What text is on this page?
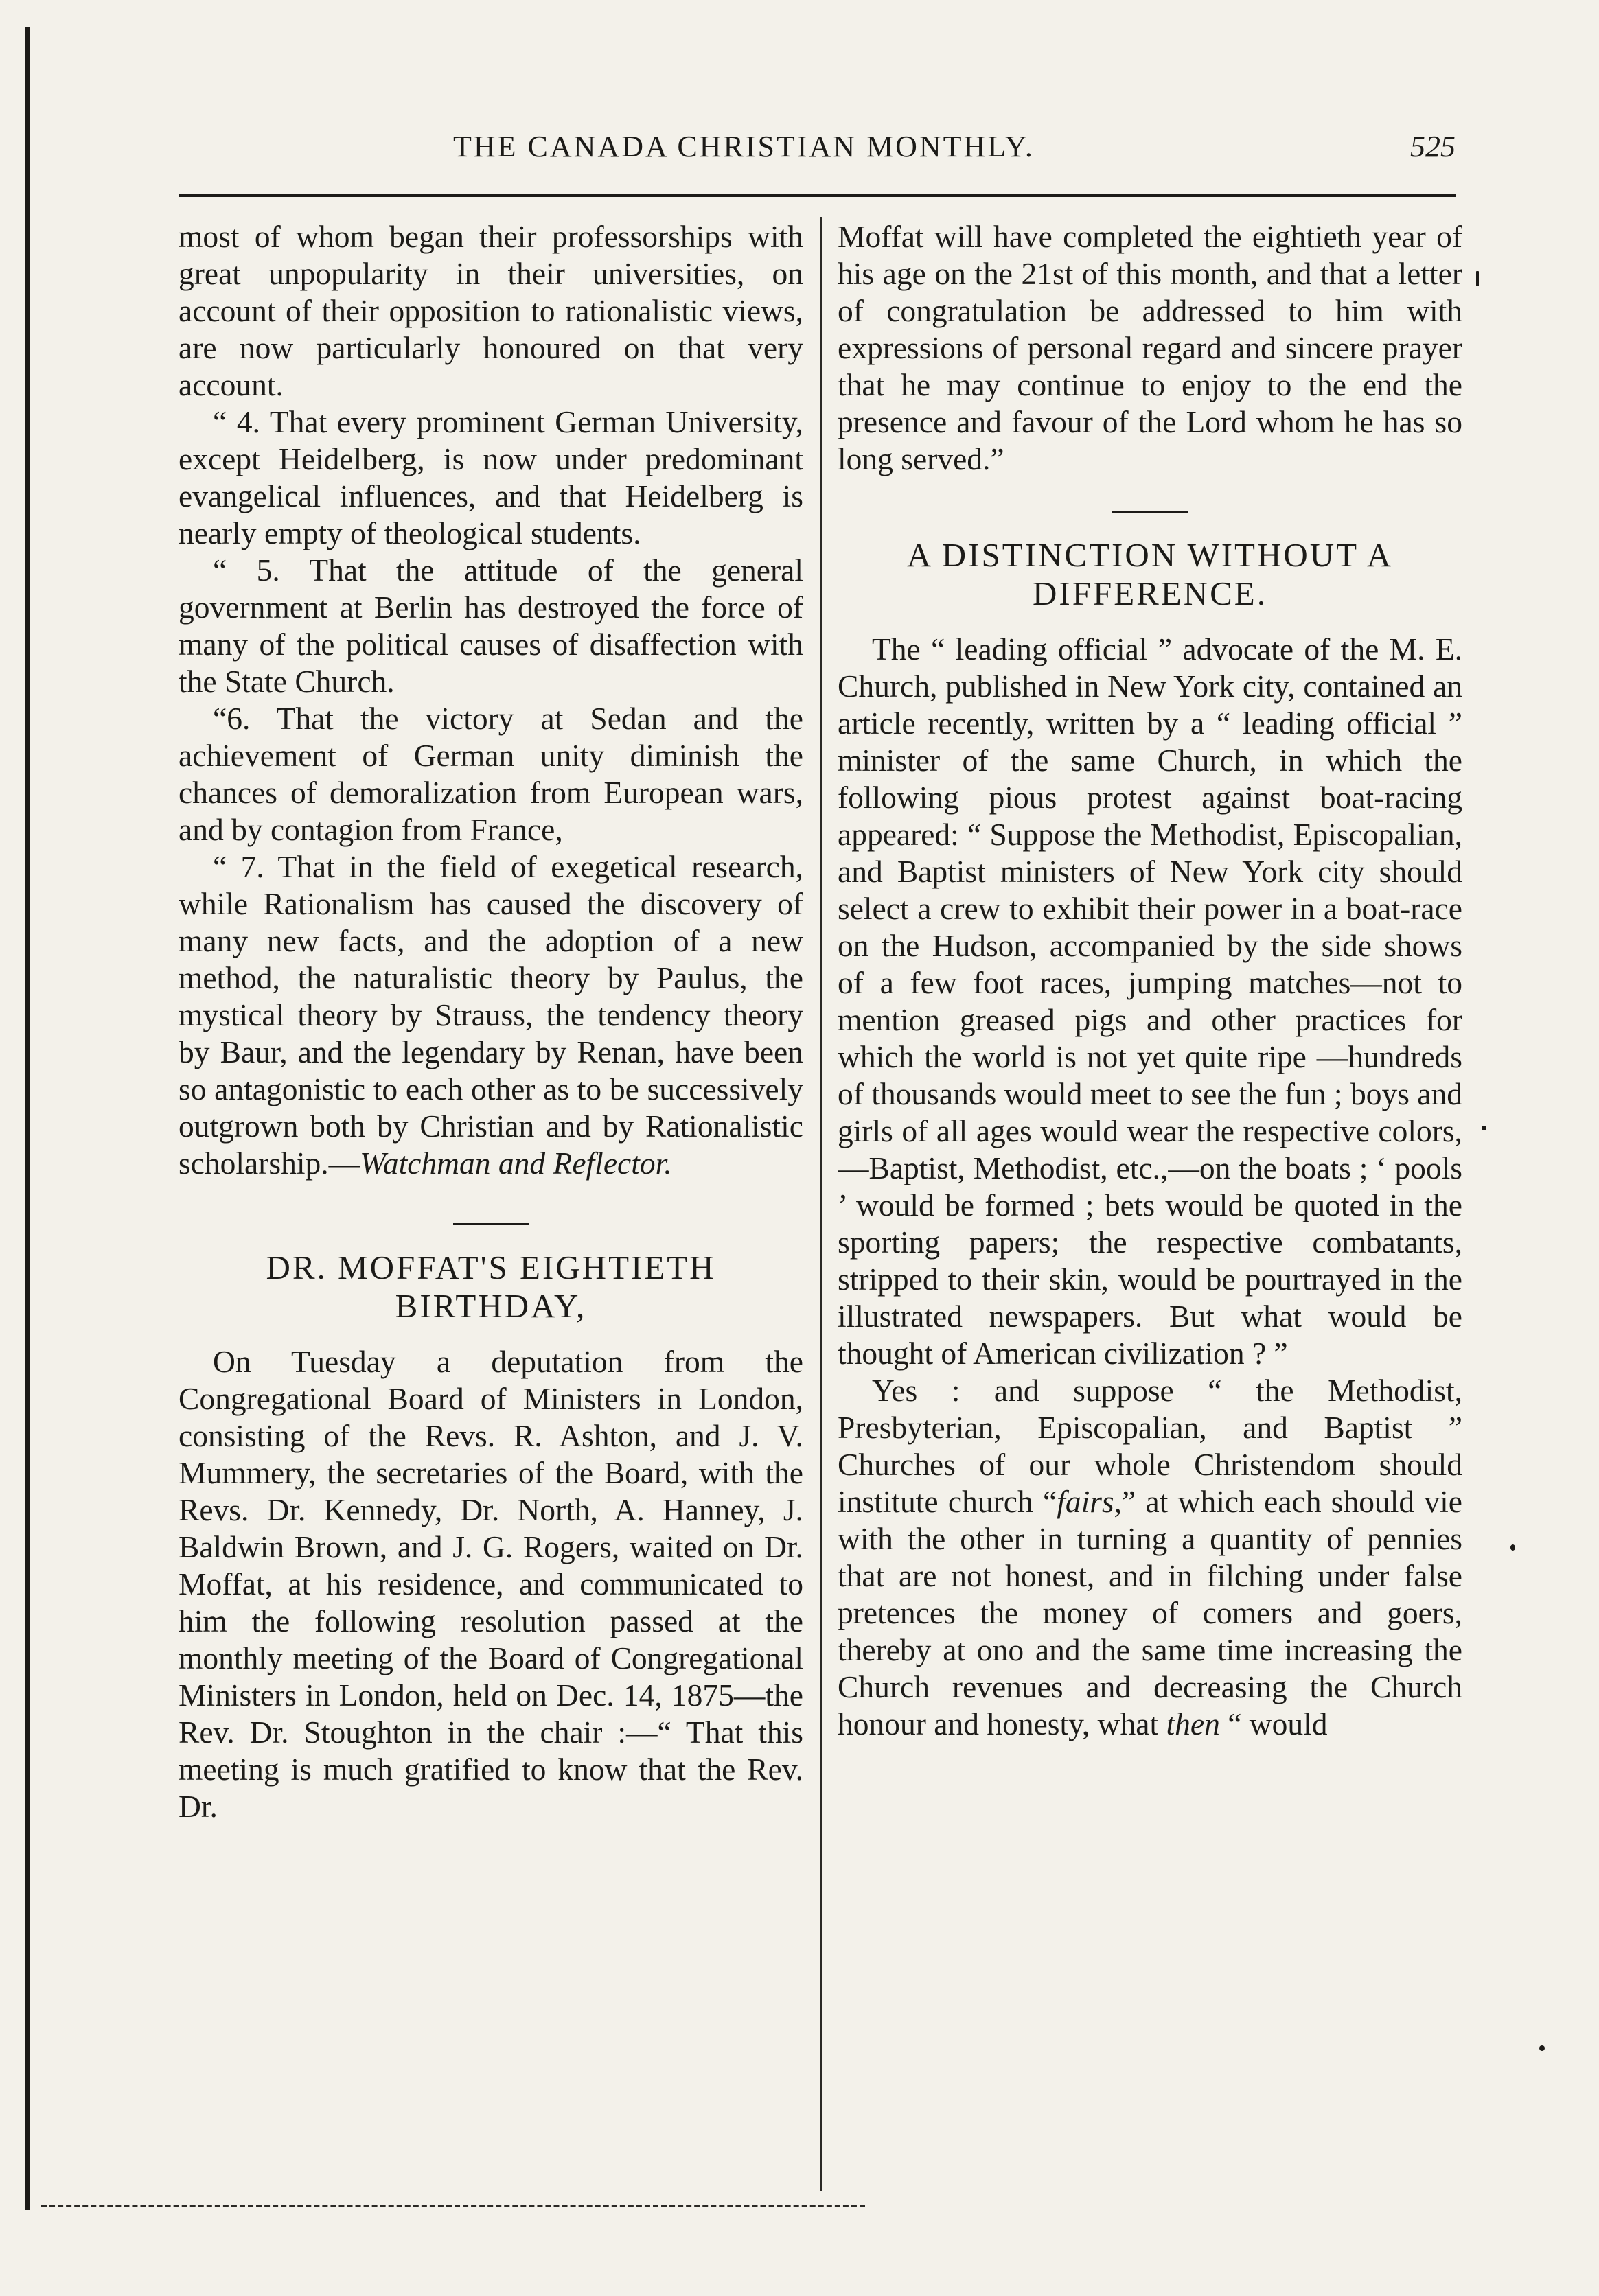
THE CANADA CHRISTIAN MONTHLY.	525

most of whom began their professorships with great unpopularity in their universities, on account of their opposition to rationalistic views, are now particularly honoured on that very account.

“ 4. That every prominent German University, except Heidelberg, is now under predominant evangelical influences, and that Heidelberg is nearly empty of theological students.

“ 5. That the attitude of the general government at Berlin has destroyed the force of many of the political causes of disaffection with the State Church.

“6. That the victory at Sedan and the achievement of German unity diminish the chances of demoralization from European wars, and by contagion from France,

“ 7. That in the field of exegetical research, while Rationalism has caused the discovery of many new facts, and the adoption of a new method, the naturalistic theory by Paulus, the mystical theory by Strauss, the tendency theory by Baur, and the legendary by Renan, have been so antagonistic to each other as to be successively outgrown both by Christian and by Rationalistic scholarship.—Watchman and Reflector.

DR. MOFFAT'S EIGHTIETH BIRTHDAY,

On Tuesday a deputation from the Congregational Board of Ministers in London, consisting of the Revs. R. Ashton, and J. V. Mummery, the secretaries of the Board, with the Revs. Dr. Kennedy, Dr. North, A. Hanney, J. Baldwin Brown, and J. G. Rogers, waited on Dr. Moffat, at his residence, and communicated to him the following resolution passed at the monthly meeting of the Board of Congregational Ministers in London, held on Dec. 14, 1875—the Rev. Dr. Stoughton in the chair :—“ That this meeting is much gratified to know that the Rev. Dr.

Moffat will have completed the eightieth year of his age on the 21st of this month, and that a letter of congratulation be addressed to him with expressions of personal regard and sincere prayer that he may continue to enjoy to the end the presence and favour of the Lord whom he has so long served.”

A DISTINCTION WITHOUT A DIFFERENCE.

The “ leading official ” advocate of the M. E. Church, published in New York city, contained an article recently, written by a “ leading official ” minister of the same Church, in which the following pious protest against boat-racing appeared: “ Suppose the Methodist, Episcopalian, and Baptist ministers of New York city should select a crew to exhibit their power in a boat-race on the Hudson, accompanied by the side shows of a few foot races, jumping matches—not to mention greased pigs and other practices for which the world is not yet quite ripe —hundreds of thousands would meet to see the fun ; boys and girls of all ages would wear the respective colors, —Baptist, Methodist, etc.,—on the boats ; ‘ pools ’ would be formed ; bets would be quoted in the sporting papers; the respective combatants, stripped to their skin, would be pourtrayed in the illustrated newspapers. But what would be thought of American civilization ? ”

Yes : and suppose “ the Methodist, Presbyterian, Episcopalian, and Baptist ” Churches of our whole Christendom should institute church “fairs,” at which each should vie with the other in turning a quantity of pennies that are not honest, and in filching under false pretences the money of comers and goers, thereby at ono and the same time increasing the Church revenues and decreasing the Church honour and honesty, what then “ would
